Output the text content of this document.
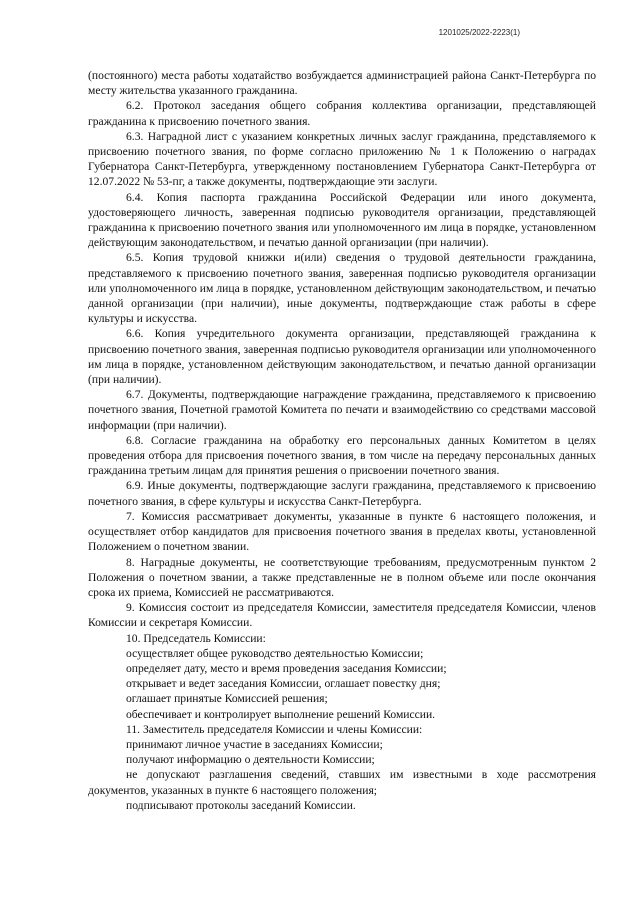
1201025/2022-2223(1)

(постоянного) места работы ходатайство возбуждается администрацией района Санкт-Петербурга по месту жительства указанного гражданина.

6.2. Протокол заседания общего собрания коллектива организации, представляющей гражданина к присвоению почетного звания.

6.3. Наградной лист с указанием конкретных личных заслуг гражданина, представляемого к присвоению почетного звания, по форме согласно приложению № 1 к Положению о наградах Губернатора Санкт-Петербурга, утвержденному постановлением Губернатора Санкт-Петербурга от 12.07.2022 № 53-пг, а также документы, подтверждающие эти заслуги.

6.4. Копия паспорта гражданина Российской Федерации или иного документа, удостоверяющего личность, заверенная подписью руководителя организации, представляющей гражданина к присвоению почетного звания или уполномоченного им лица в порядке, установленном действующим законодательством, и печатью данной организации (при наличии).

6.5. Копия трудовой книжки и(или) сведения о трудовой деятельности гражданина, представляемого к присвоению почетного звания, заверенная подписью руководителя организации или уполномоченного им лица в порядке, установленном действующим законодательством, и печатью данной организации (при наличии), иные документы, подтверждающие стаж работы в сфере культуры и искусства.

6.6. Копия учредительного документа организации, представляющей гражданина к присвоению почетного звания, заверенная подписью руководителя организации или уполномоченного им лица в порядке, установленном действующим законодательством, и печатью данной организации (при наличии).

6.7. Документы, подтверждающие награждение гражданина, представляемого к присвоению почетного звания, Почетной грамотой Комитета по печати и взаимодействию со средствами массовой информации (при наличии).

6.8. Согласие гражданина на обработку его персональных данных Комитетом в целях проведения отбора для присвоения почетного звания, в том числе на передачу персональных данных гражданина третьим лицам для принятия решения о присвоении почетного звания.

6.9. Иные документы, подтверждающие заслуги гражданина, представляемого к присвоению почетного звания, в сфере культуры и искусства Санкт-Петербурга.

7. Комиссия рассматривает документы, указанные в пункте 6 настоящего положения, и осуществляет отбор кандидатов для присвоения почетного звания в пределах квоты, установленной Положением о почетном звании.

8. Наградные документы, не соответствующие требованиям, предусмотренным пунктом 2 Положения о почетном звании, а также представленные не в полном объеме или после окончания срока их приема, Комиссией не рассматриваются.

9. Комиссия состоит из председателя Комиссии, заместителя председателя Комиссии, членов Комиссии и секретаря Комиссии.

10. Председатель Комиссии:

осуществляет общее руководство деятельностью Комиссии;

определяет дату, место и время проведения заседания Комиссии;

открывает и ведет заседания Комиссии, оглашает повестку дня;

оглашает принятые Комиссией решения;

обеспечивает и контролирует выполнение решений Комиссии.

11. Заместитель председателя Комиссии и члены Комиссии:

принимают личное участие в заседаниях Комиссии;

получают информацию о деятельности Комиссии;

не допускают разглашения сведений, ставших им известными в ходе рассмотрения документов, указанных в пункте 6 настоящего положения;

подписывают протоколы заседаний Комиссии.
